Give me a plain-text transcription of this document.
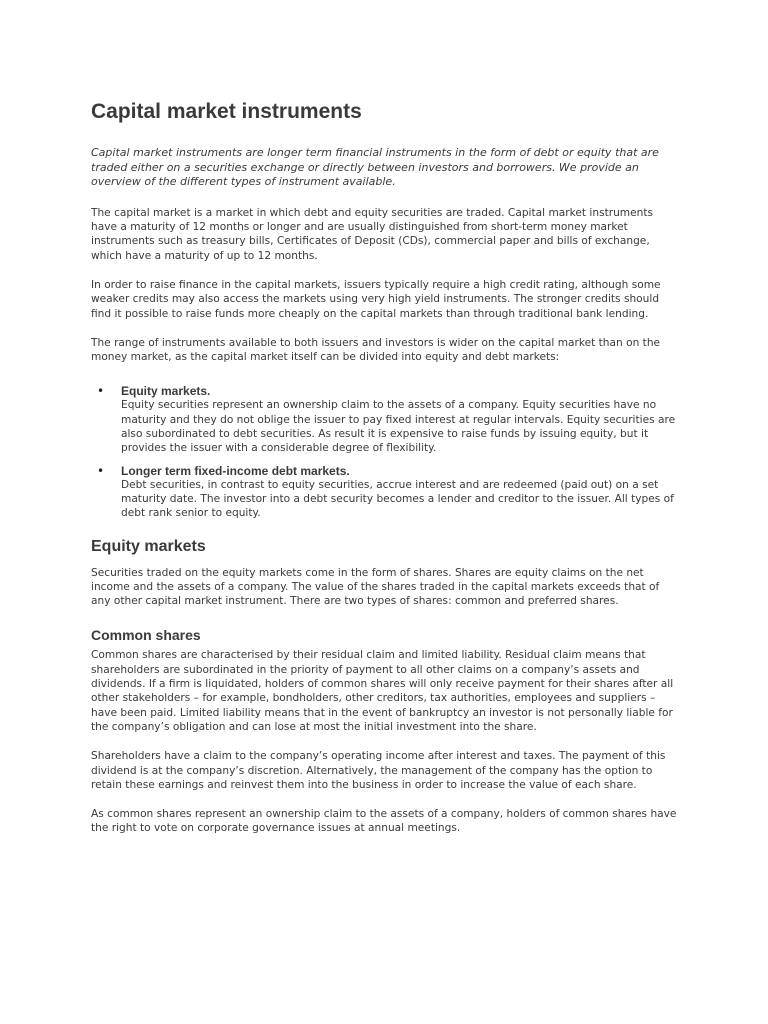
Capital market instruments

Capital market instruments are longer term financial instruments in the form of debt or equity that are traded either on a securities exchange or directly between investors and borrowers. We provide an overview of the different types of instrument available.

The capital market is a market in which debt and equity securities are traded. Capital market instruments have a maturity of 12 months or longer and are usually distinguished from short-term money market instruments such as treasury bills, Certificates of Deposit (CDs), commercial paper and bills of exchange, which have a maturity of up to 12 months.

In order to raise finance in the capital markets, issuers typically require a high credit rating, although some weaker credits may also access the markets using very high yield instruments. The stronger credits should find it possible to raise funds more cheaply on the capital markets than through traditional bank lending.

The range of instruments available to both issuers and investors is wider on the capital market than on the money market, as the capital market itself can be divided into equity and debt markets:

• Equity markets.
Equity securities represent an ownership claim to the assets of a company. Equity securities have no maturity and they do not oblige the issuer to pay fixed interest at regular intervals. Equity securities are also subordinated to debt securities. As result it is expensive to raise funds by issuing equity, but it provides the issuer with a considerable degree of flexibility.
• Longer term fixed-income debt markets.
Debt securities, in contrast to equity securities, accrue interest and are redeemed (paid out) on a set maturity date. The investor into a debt security becomes a lender and creditor to the issuer. All types of debt rank senior to equity.
Equity markets

Securities traded on the equity markets come in the form of shares. Shares are equity claims on the net income and the assets of a company. The value of the shares traded in the capital markets exceeds that of any other capital market instrument. There are two types of shares: common and preferred shares.

Common shares

Common shares are characterised by their residual claim and limited liability. Residual claim means that shareholders are subordinated in the priority of payment to all other claims on a company’s assets and dividends. If a firm is liquidated, holders of common shares will only receive payment for their shares after all other stakeholders – for example, bondholders, other creditors, tax authorities, employees and suppliers – have been paid. Limited liability means that in the event of bankruptcy an investor is not personally liable for the company’s obligation and can lose at most the initial investment into the share.

Shareholders have a claim to the company’s operating income after interest and taxes. The payment of this dividend is at the company’s discretion. Alternatively, the management of the company has the option to retain these earnings and reinvest them into the business in order to increase the value of each share.

As common shares represent an ownership claim to the assets of a company, holders of common shares have the right to vote on corporate governance issues at annual meetings.
